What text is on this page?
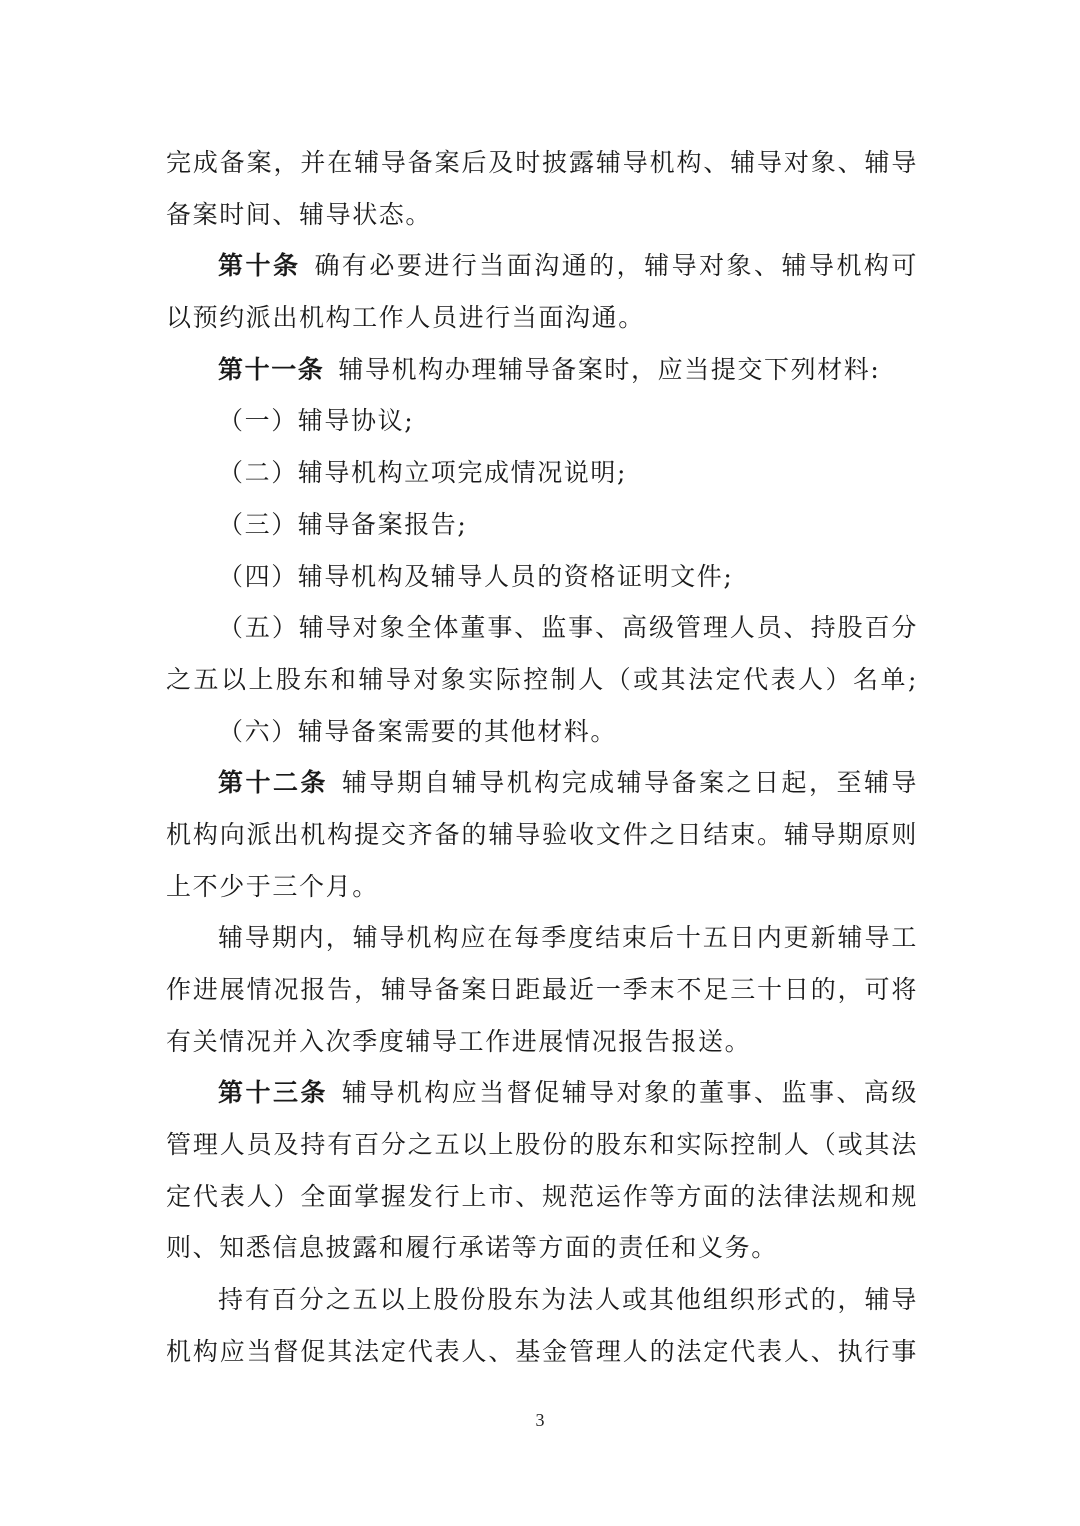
完成备案，并在辅导备案后及时披露辅导机构、辅导对象、辅导
备案时间、辅导状态。
第十条 确有必要进行当面沟通的，辅导对象、辅导机构可
以预约派出机构工作人员进行当面沟通。
第十一条 辅导机构办理辅导备案时，应当提交下列材料:
（一）辅导协议;
（二）辅导机构立项完成情况说明;
（三）辅导备案报告;
（四）辅导机构及辅导人员的资格证明文件;
（五）辅导对象全体董事、监事、高级管理人员、持股百分
之五以上股东和辅导对象实际控制人（或其法定代表人）名单;
（六）辅导备案需要的其他材料。
第十二条 辅导期自辅导机构完成辅导备案之日起，至辅导
机构向派出机构提交齐备的辅导验收文件之日结束。辅导期原则
上不少于三个月。
辅导期内，辅导机构应在每季度结束后十五日内更新辅导工
作进展情况报告，辅导备案日距最近一季末不足三十日的，可将
有关情况并入次季度辅导工作进展情况报告报送。
第十三条 辅导机构应当督促辅导对象的董事、监事、高级
管理人员及持有百分之五以上股份的股东和实际控制人（或其法
定代表人）全面掌握发行上市、规范运作等方面的法律法规和规
则、知悉信息披露和履行承诺等方面的责任和义务。
持有百分之五以上股份股东为法人或其他组织形式的，辅导
机构应当督促其法定代表人、基金管理人的法定代表人、执行事
3
